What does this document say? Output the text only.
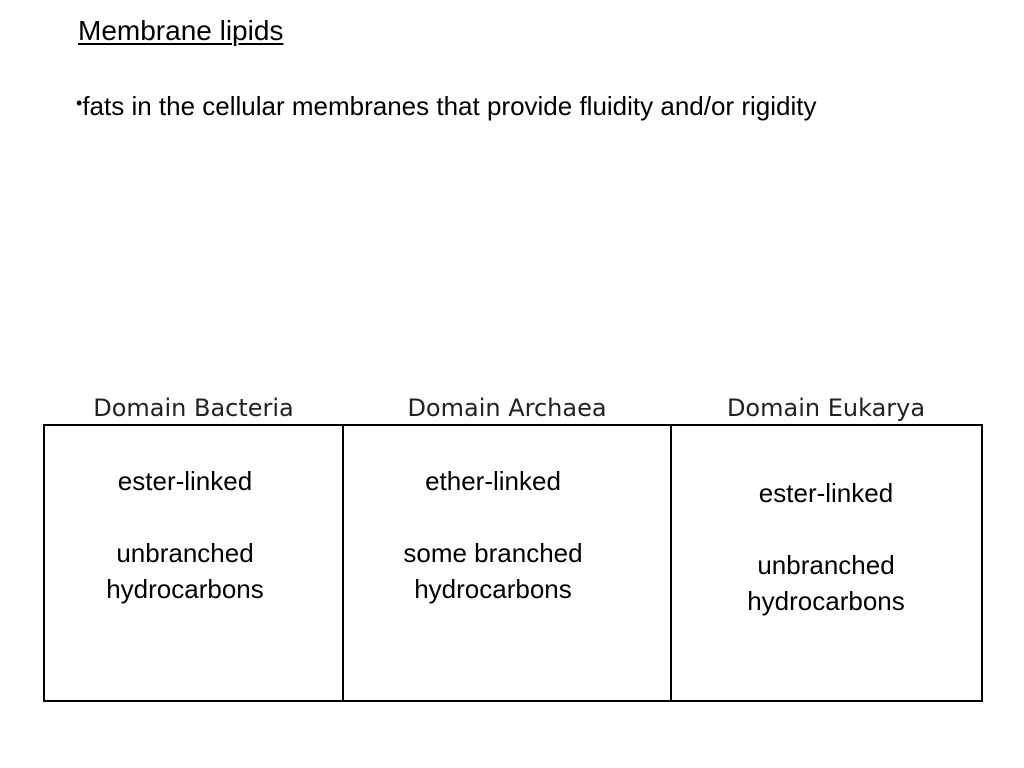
Membrane lipids
•fats in the cellular membranes that provide fluidity and/or rigidity
Domain Bacteria	Domain Archaea	Domain Eukarya
ester-linked
unbranched
hydrocarbons
ether-linked
some branched
hydrocarbons
ester-linked
unbranched
hydrocarbons
